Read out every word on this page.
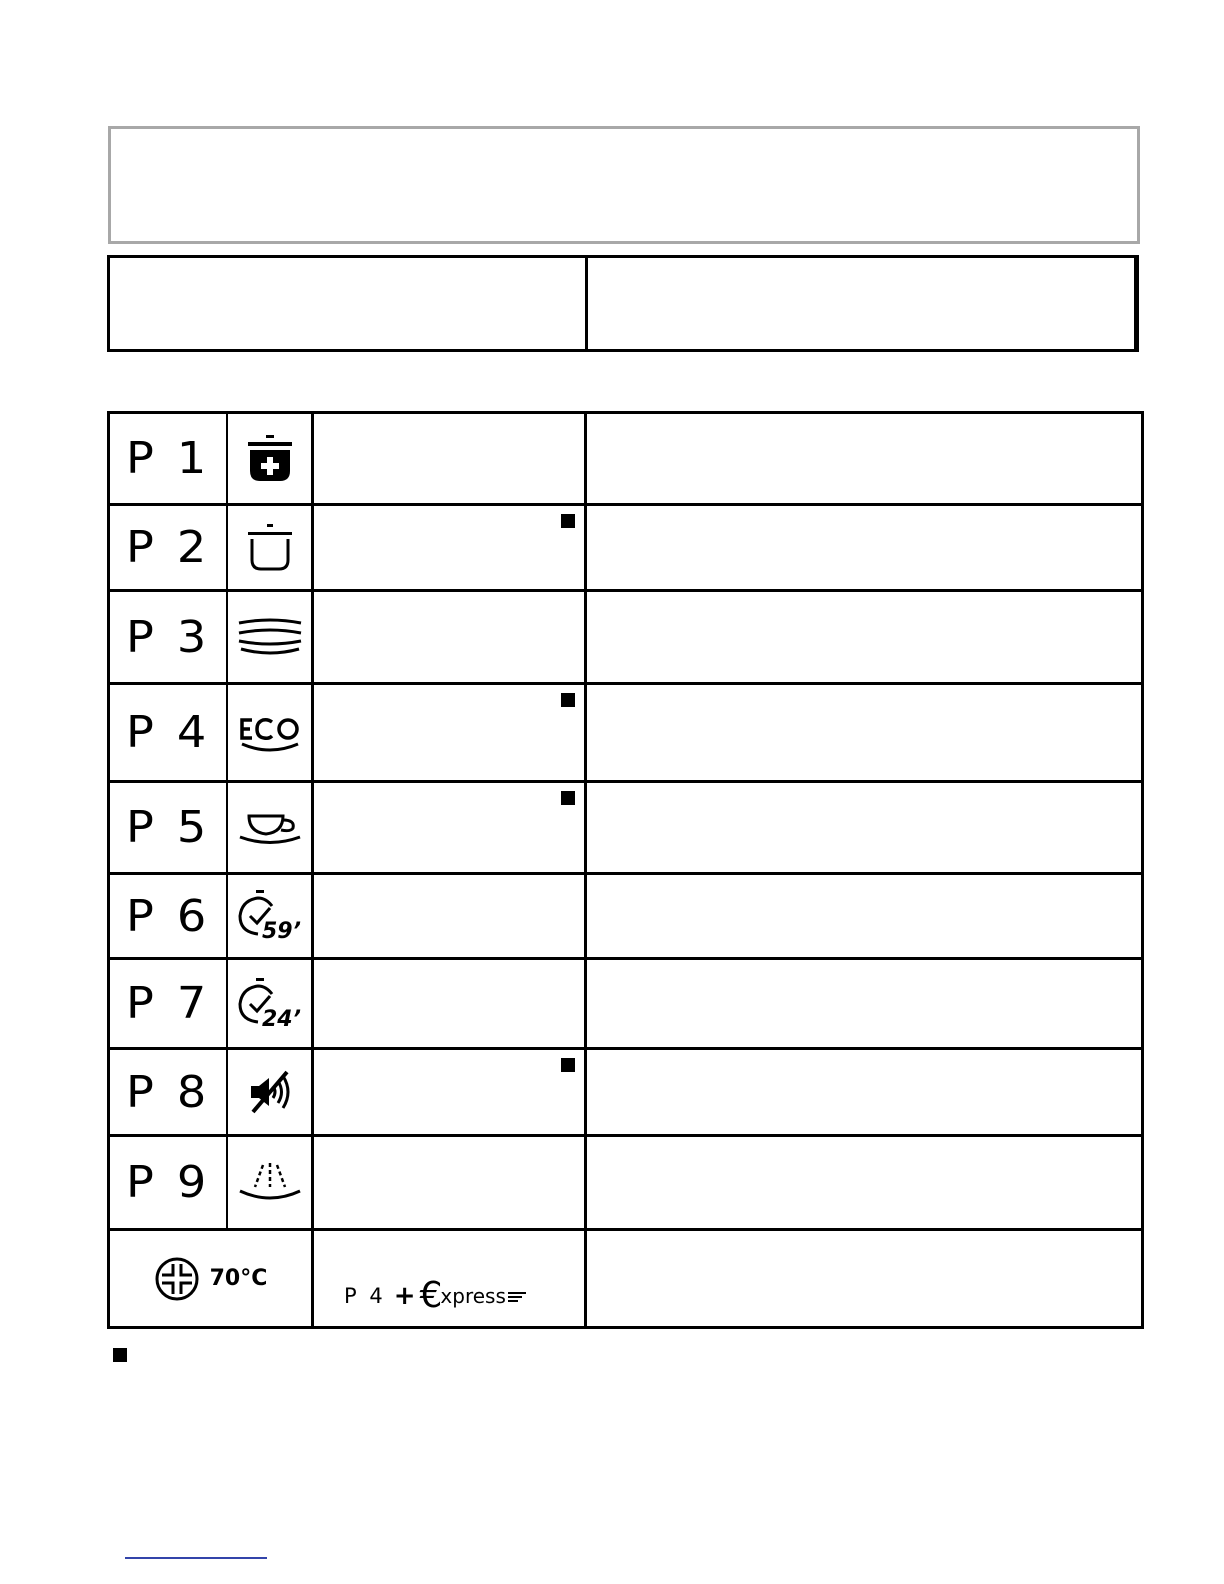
P 1
P 2
P 3
P 4
P 5
P 6 59’
P 7 24’
P 8
P 9
70°C
P 4 + €
xpress
